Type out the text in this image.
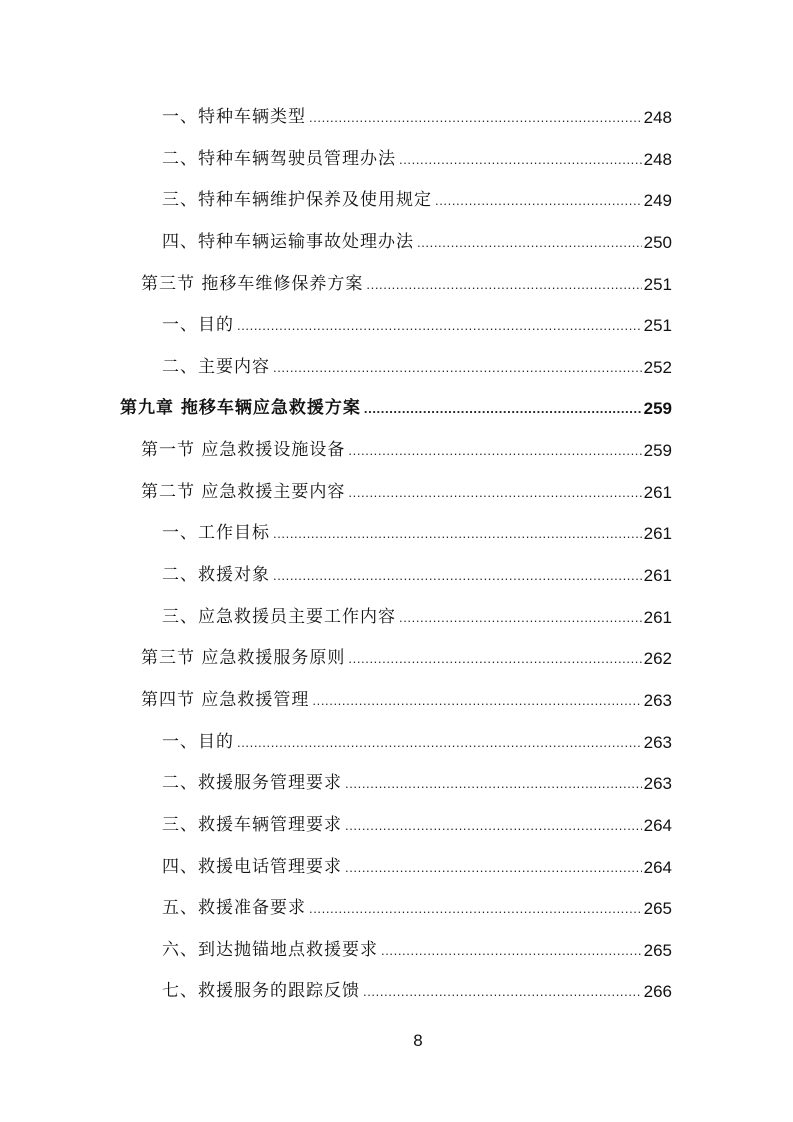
一、特种车辆类型 .....	248
二、特种车辆驾驶员管理办法 .....	248
三、特种车辆维护保养及使用规定 .....	249
四、特种车辆运输事故处理办法 .....	250
第三节 拖移车维修保养方案 .....	251
一、目的 .....	251
二、主要内容 .....	252
第九章 拖移车辆应急救援方案 .....	259
第一节 应急救援设施设备 .....	259
第二节 应急救援主要内容 .....	261
一、工作目标 .....	261
二、救援对象 .....	261
三、应急救援员主要工作内容 .....	261
第三节 应急救援服务原则 .....	262
第四节 应急救援管理 .....	263
一、目的 .....	263
二、救援服务管理要求 .....	263
三、救援车辆管理要求 .....	264
四、救援电话管理要求 .....	264
五、救援准备要求 .....	265
六、到达抛锚地点救援要求 .....	265
七、救援服务的跟踪反馈 .....	266
8
